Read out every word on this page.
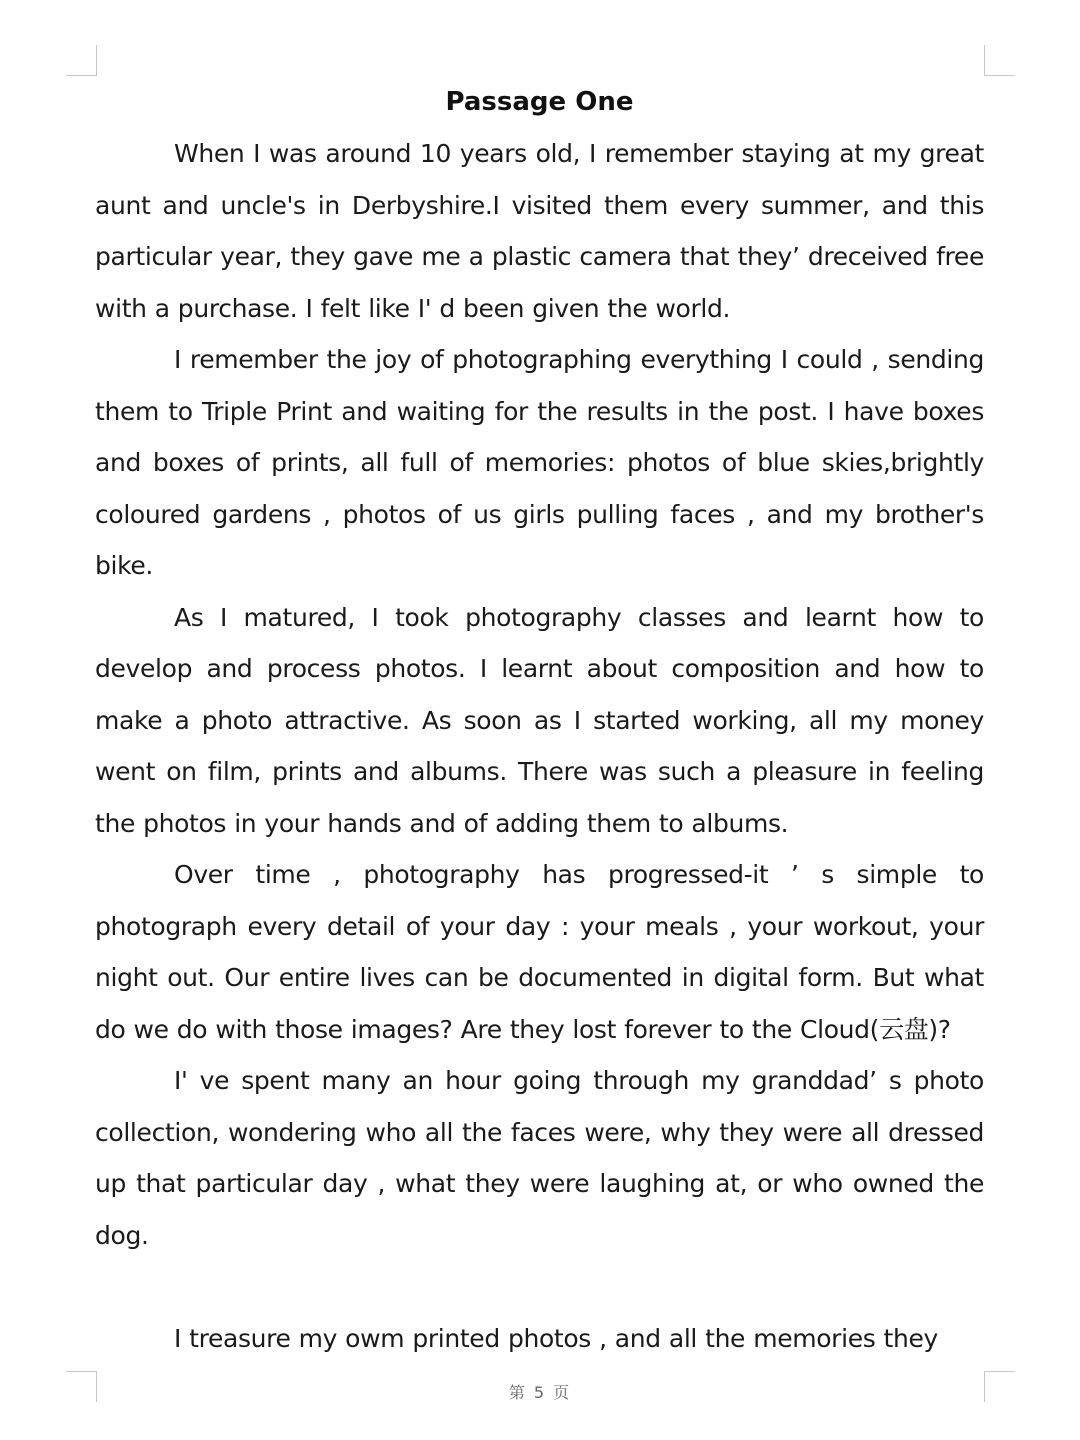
Passage One

When I was around 10 years old, I remember staying at my great aunt and uncle's in Derbyshire.I visited them every summer, and this particular year, they gave me a plastic camera that they’ dreceived free with a purchase. I felt like I' d been given the world.

I remember the joy of photographing everything I could , sending them to Triple Print and waiting for the results in the post. I have boxes and boxes of prints, all full of memories: photos of blue skies,brightly coloured gardens , photos of us girls pulling faces , and my brother's bike.

As I matured, I took photography classes and learnt how to develop and process photos. I learnt about composition and how to make a photo attractive. As soon as I started working, all my money went on film, prints and albums. There was such a pleasure in feeling the photos in your hands and of adding them to albums.

Over time , photography has progressed-it ’ s simple to photograph every detail of your day : your meals , your workout, your night out. Our entire lives can be documented in digital form. But what do we do with those images? Are they lost forever to the Cloud(云盘)?

I' ve spent many an hour going through my granddad’ s photo collection, wondering who all the faces were, why they were all dressed up that particular day , what they were laughing at, or who owned the dog.

I treasure my owm printed photos , and all the memories they

第 5 页
